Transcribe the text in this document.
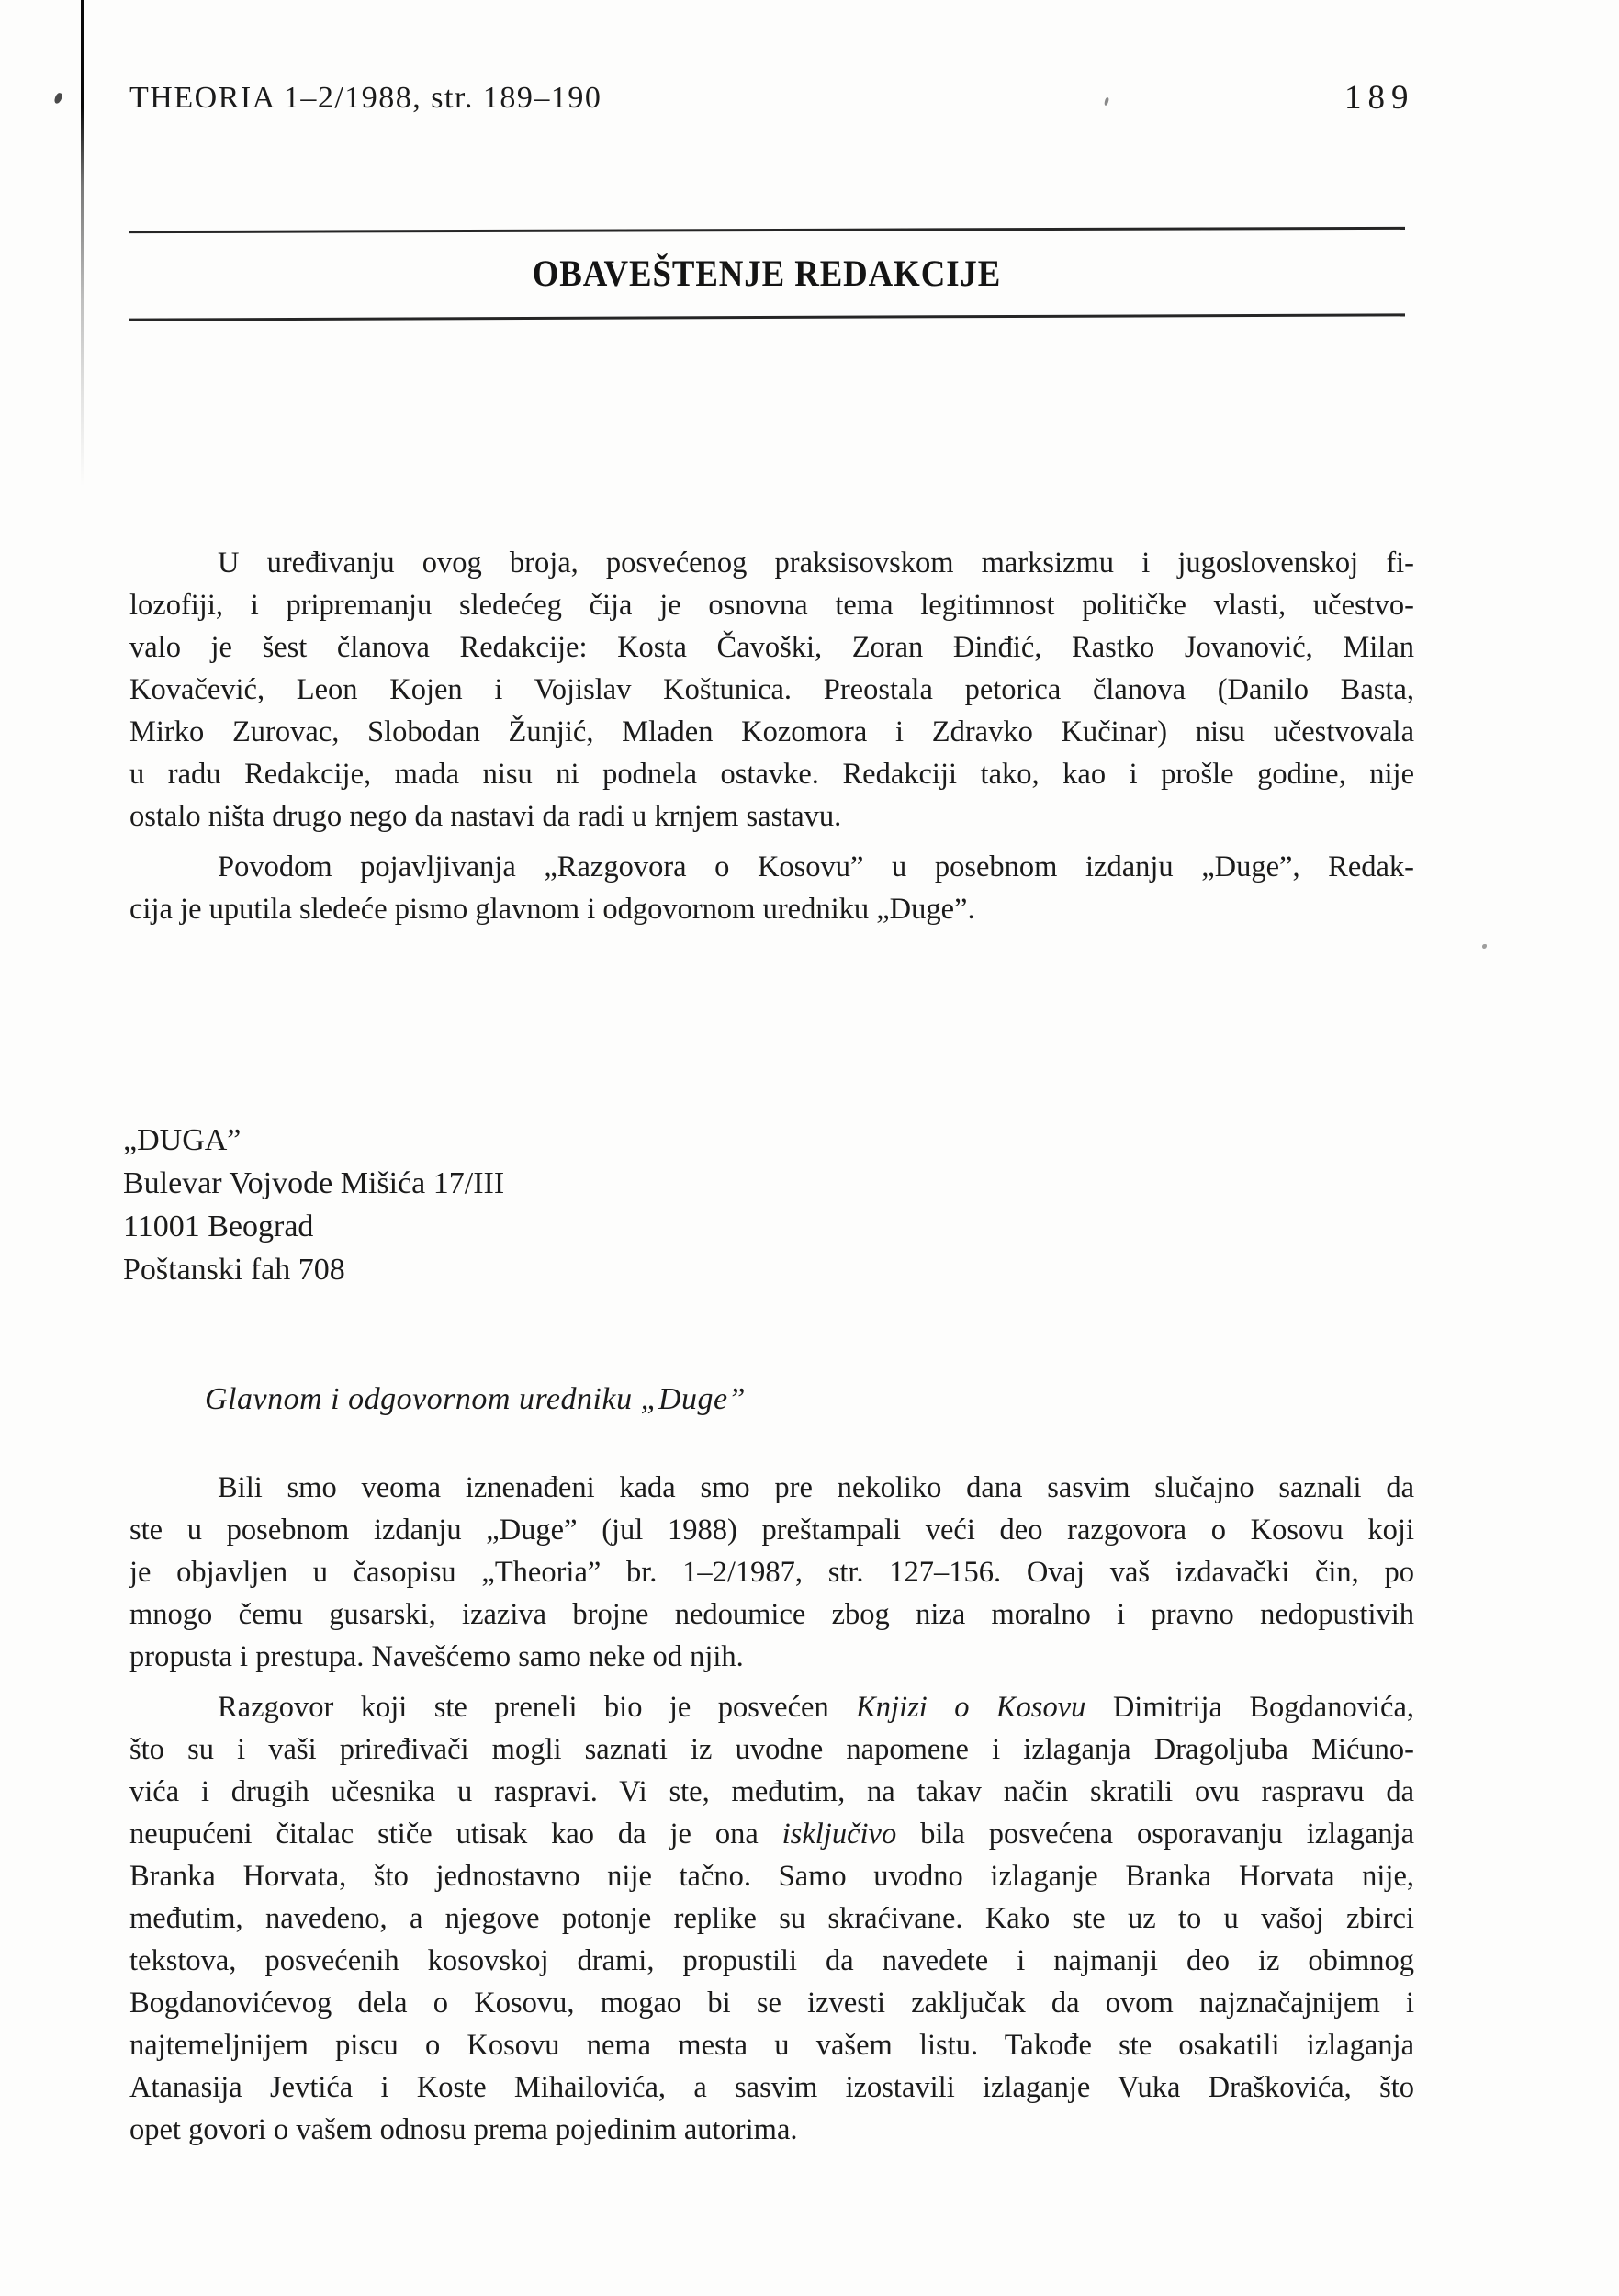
THEORIA 1–2/1988, str. 189–190	189
OBAVEŠTENJE REDAKCIJE
U uređivanju ovog broja, posvećenog praksisovskom marksizmu i jugoslovenskoj fi-
lozofiji, i pripremanju sledećeg čija je osnovna tema legitimnost političke vlasti, učestvo-
valo je šest članova Redakcije: Kosta Čavoški, Zoran Đinđić, Rastko Jovanović, Milan
Kovačević, Leon Kojen i Vojislav Koštunica. Preostala petorica članova (Danilo Basta,
Mirko Zurovac, Slobodan Žunjić, Mladen Kozomora i Zdravko Kučinar) nisu učestvovala
u radu Redakcije, mada nisu ni podnela ostavke. Redakciji tako, kao i prošle godine, nije
ostalo ništa drugo nego da nastavi da radi u krnjem sastavu.
Povodom pojavljivanja „Razgovora o Kosovu” u posebnom izdanju „Duge”, Redak-
cija je uputila sledeće pismo glavnom i odgovornom uredniku „Duge”.
„DUGA”
Bulevar Vojvode Mišića 17/III
11001 Beograd
Poštanski fah 708
Glavnom i odgovornom uredniku „Duge”
Bili smo veoma iznenađeni kada smo pre nekoliko dana sasvim slučajno saznali da
ste u posebnom izdanju „Duge” (jul 1988) preštampali veći deo razgovora o Kosovu koji
je objavljen u časopisu „Theoria” br. 1–2/1987, str. 127–156. Ovaj vaš izdavački čin, po
mnogo čemu gusarski, izaziva brojne nedoumice zbog niza moralno i pravno nedopustivih
propusta i prestupa. Navešćemo samo neke od njih.
Razgovor koji ste preneli bio je posvećen Knjizi o Kosovu Dimitrija Bogdanovića,
što su i vaši priređivači mogli saznati iz uvodne napomene i izlaganja Dragoljuba Mićuno-
vića i drugih učesnika u raspravi. Vi ste, međutim, na takav način skratili ovu raspravu da
neupućeni čitalac stiče utisak kao da je ona isključivo bila posvećena osporavanju izlaganja
Branka Horvata, što jednostavno nije tačno. Samo uvodno izlaganje Branka Horvata nije,
međutim, navedeno, a njegove potonje replike su skraćivane. Kako ste uz to u vašoj zbirci
tekstova, posvećenih kosovskoj drami, propustili da navedete i najmanji deo iz obimnog
Bogdanovićevog dela o Kosovu, mogao bi se izvesti zaključak da ovom najznačajnijem i
najtemeljnijem piscu o Kosovu nema mesta u vašem listu. Takođe ste osakatili izlaganja
Atanasija Jevtića i Koste Mihailovića, a sasvim izostavili izlaganje Vuka Draškovića, što
opet govori o vašem odnosu prema pojedinim autorima.
